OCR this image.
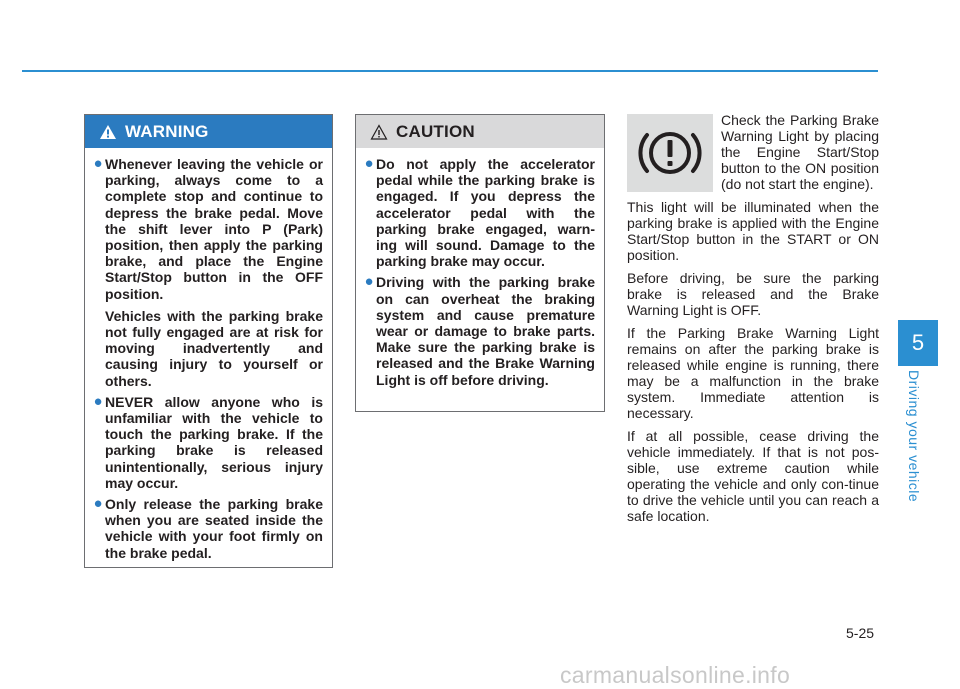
WARNING
● Whenever leaving the vehicle or parking, always come to a complete stop and continue to depress the brake pedal. Move the shift lever into P (Park) position, then apply the parking brake, and place the Engine Start/Stop button in the OFF position.

Vehicles with the parking brake not fully engaged are at risk for moving inadvertently and causing injury to yourself or others.

● NEVER allow anyone who is unfamiliar with the vehicle to touch the parking brake. If the parking brake is released unintentionally, serious injury may occur.
● Only release the parking brake when you are seated inside the vehicle with your foot firmly on the brake pedal.
CAUTION
● Do not apply the accelerator pedal while the parking brake is engaged. If you depress the accelerator pedal with the parking brake engaged, warn-ing will sound. Damage to the parking brake may occur.
● Driving with the parking brake on can overheat the braking system and cause premature wear or damage to brake parts. Make sure the parking brake is released and the Brake Warning Light is off before driving.
Check the Parking Brake Warning Light by placing the Engine Start/Stop button to the ON position (do not start the engine).

This light will be illuminated when the parking brake is applied with the Engine Start/Stop button in the START or ON position.

Before driving, be sure the parking brake is released and the Brake Warning Light is OFF.

If the Parking Brake Warning Light remains on after the parking brake is released while engine is running, there may be a malfunction in the brake system. Immediate attention is necessary.

If at all possible, cease driving the vehicle immediately. If that is not pos-sible, use extreme caution while operating the vehicle and only con-tinue to drive the vehicle until you can reach a safe location.

5
Driving your vehicle
5-25
carmanualsonline.info
